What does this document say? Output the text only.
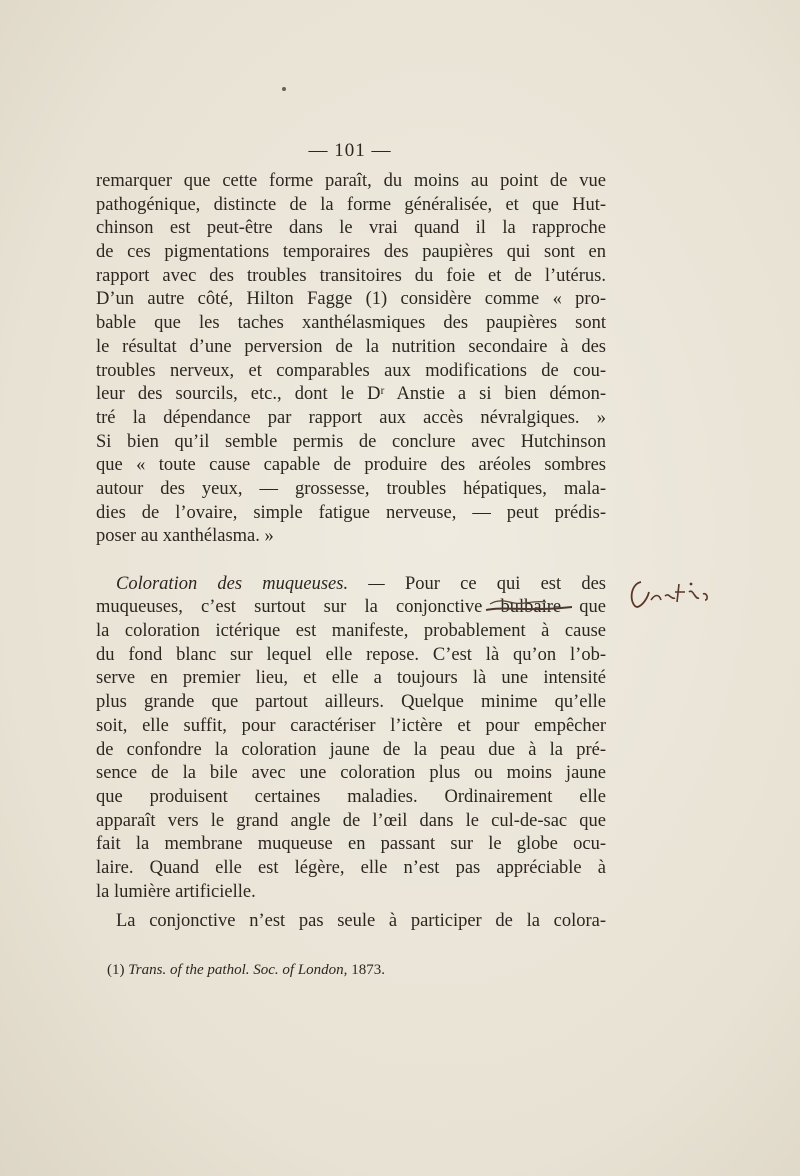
— 101 —
remarquer que cette forme paraît, du moins au point de vue
pathogénique, distincte de la forme généralisée, et que Hut-
chinson est peut-être dans le vrai quand il la rapproche
de ces pigmentations temporaires des paupières qui sont en
rapport avec des troubles transitoires du foie et de l’utérus.
D’un autre côté, Hilton Fagge (1) considère comme « pro-
bable que les taches xanthélasmiques des paupières sont
le résultat d’une perversion de la nutrition secondaire à des
troubles nerveux, et comparables aux modifications de cou-
leur des sourcils, etc., dont le Dʳ Anstie a si bien démon-
tré la dépendance par rapport aux accès névralgiques. »
Si bien qu’il semble permis de conclure avec Hutchinson
que « toute cause capable de produire des aréoles sombres
autour des yeux, — grossesse, troubles hépatiques, mala-
dies de l’ovaire, simple fatigue nerveuse, — peut prédis-
poser au xanthélasma. »
Coloration des muqueuses. — Pour ce qui est des
muqueuses, c’est surtout sur la conjonctive bulbaire que
la coloration ictérique est manifeste, probablement à cause
du fond blanc sur lequel elle repose. C’est là qu’on l’ob-
serve en premier lieu, et elle a toujours là une intensité
plus grande que partout ailleurs. Quelque minime qu’elle
soit, elle suffit, pour caractériser l’ictère et pour empêcher
de confondre la coloration jaune de la peau due à la pré-
sence de la bile avec une coloration plus ou moins jaune
que produisent certaines maladies. Ordinairement elle
apparaît vers le grand angle de l’œil dans le cul-de-sac que
fait la membrane muqueuse en passant sur le globe ocu-
laire. Quand elle est légère, elle n’est pas appréciable à
la lumière artificielle.
La conjonctive n’est pas seule à participer de la colora-
(1) Trans. of the pathol. Soc. of London, 1873.
